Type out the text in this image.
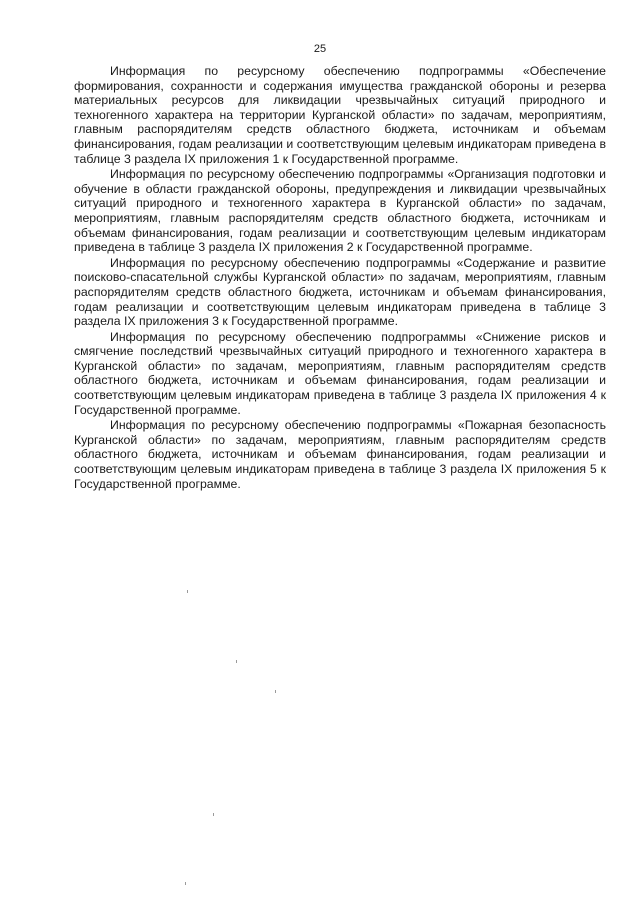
25

Информация по ресурсному обеспечению подпрограммы «Обеспечение формирования, сохранности и содержания имущества гражданской обороны и резерва материальных ресурсов для ликвидации чрезвычайных ситуаций природного и техногенного характера на территории Курганской области» по задачам, мероприятиям, главным распорядителям средств областного бюджета, источникам и объемам финансирования, годам реализации и соответствующим целевым индикаторам приведена в таблице 3 раздела IX приложения 1 к Государственной программе.

Информация по ресурсному обеспечению подпрограммы «Организация подготовки и обучение в области гражданской обороны, предупреждения и ликвидации чрезвычайных ситуаций природного и техногенного характера в Курганской области» по задачам, мероприятиям, главным распорядителям средств областного бюджета, источникам и объемам финансирования, годам реализации и соответствующим целевым индикаторам приведена в таблице 3 раздела IX приложения 2 к Государственной программе.

Информация по ресурсному обеспечению подпрограммы «Содержание и развитие поисково-спасательной службы Курганской области» по задачам, мероприятиям, главным распорядителям средств областного бюджета, источникам и объемам финансирования, годам реализации и соответствующим целевым индикаторам приведена в таблице 3 раздела IX приложения 3 к Государственной программе.

Информация по ресурсному обеспечению подпрограммы «Снижение рисков и смягчение последствий чрезвычайных ситуаций природного и техногенного характера в Курганской области» по задачам, мероприятиям, главным распорядителям средств областного бюджета, источникам и объемам финансирования, годам реализации и соответствующим целевым индикаторам приведена в таблице 3 раздела IX приложения 4 к Государственной программе.

Информация по ресурсному обеспечению подпрограммы «Пожарная безопасность Курганской области» по задачам, мероприятиям, главным распорядителям средств областного бюджета, источникам и объемам финансирования, годам реализации и соответствующим целевым индикаторам приведена в таблице 3 раздела IX приложения 5 к Государственной программе.
